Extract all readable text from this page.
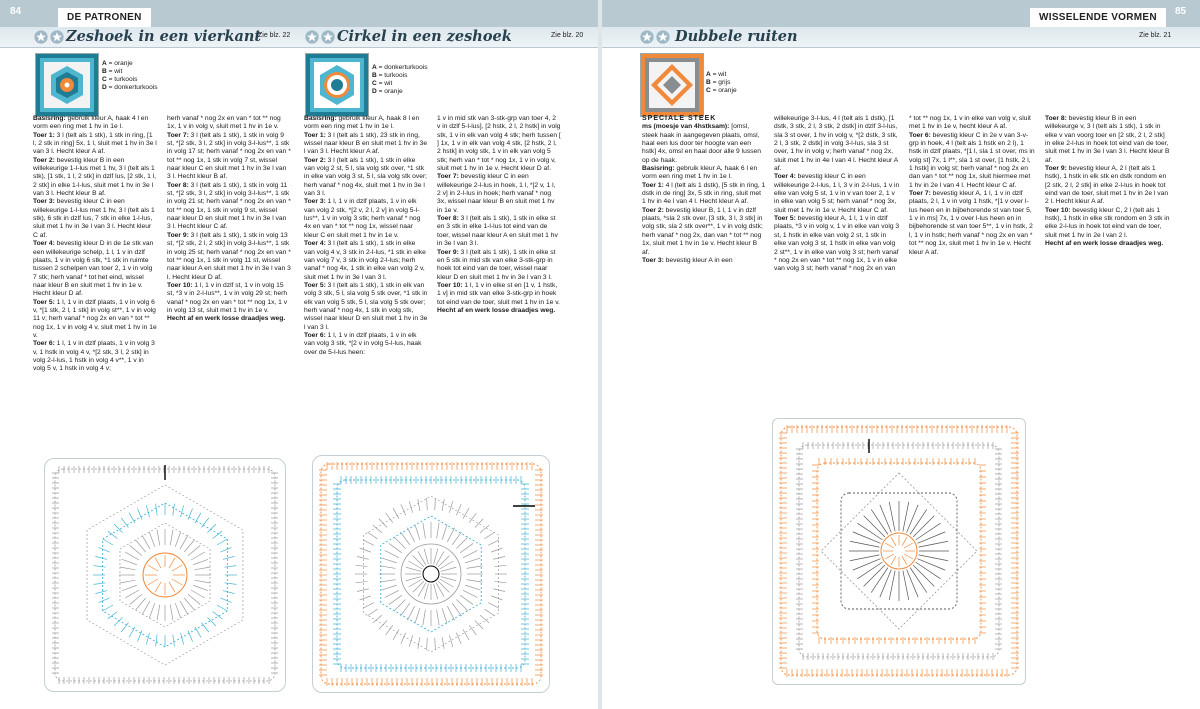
84
DE PATRONEN	WISSELENDE VORMEN
85
Zeshoek in een vierkant
Zie blz. 22	Cirkel in een zeshoek	Zie blz. 20	Dubbele ruiten	Zie blz. 21
A = oranje
B = wit
C = turkoois
D = donkerturkoois
A = donkerturkoois
B = turkoois
C = wit
D = oranje
A = wit
B = grijs
C = oranje

Basisring: gebruik kleur A, haak 4 l en vorm een ring met 1 hv in 1e l.

Toer 1: 3 l (telt als 1 stk), 1 stk in ring, [1 l, 2 stk in ring] 5x, 1 l, sluit met 1 hv in 3e l van 3 l. Hecht kleur A af.

Toer 2: bevestig kleur B in een willekeurige 1-l-lus met 1 hv, 3 l (telt als 1 stk), [1 stk, 1 l, 2 stk] in dzlf lus, [2 stk, 1 l, 2 stk] in elke 1-l-lus, sluit met 1 hv in 3e l van 3 l. Hecht kleur B af.

Toer 3: bevestig kleur C in een willekeurige 1-l-lus met 1 hv, 3 l (telt als 1 stk), 6 stk in dzlf lus, 7 stk in elke 1-l-lus, sluit met 1 hv in 3e l van 3 l. Hecht kleur C af.

Toer 4: bevestig kleur D in de 1e stk van een willekeurige schelp, 1 l, 1 v in dzlf plaats, 1 v in volg 6 stk, *1 stk in ruimte tussen 2 schelpen van toer 2, 1 v in volg 7 stk; herh vanaf * tot het eind, wissel naar kleur B en sluit met 1 hv in 1e v. Hecht kleur D af.

Toer 5: 1 l, 1 v in dzlf plaats, 1 v in volg 6 v, *[1 stk, 2 l, 1 stk] in volg st**, 1 v in volg 11 v; herh vanaf * nog 2x en van * tot ** nog 1x, 1 v in volg 4 v, sluit met 1 hv in 1e v.

Toer 6: 1 l, 1 v in dzlf plaats, 1 v in volg 3 v, 1 hstk in volg 4 v, *[2 stk, 3 l, 2 stk] in volg 2-l-lus, 1 hstk in volg 4 v**, 1 v in volg 5 v, 1 hstk in volg 4 v;

herh vanaf * nog 2x en van * tot ** nog 1x, 1 v in volg v, sluit met 1 hv in 1e v.

Toer 7: 3 l (telt als 1 stk), 1 stk in volg 9 st, *[2 stk, 3 l, 2 stk] in volg 3-l-lus**, 1 stk in volg 17 st; herh vanaf * nog 2x en van * tot ** nog 1x, 1 stk in volg 7 st, wissel naar kleur C en sluit met 1 hv in 3e l van 3 l. Hecht kleur B af.

Toer 8: 3 l (telt als 1 stk), 1 stk in volg 11 st, *[2 stk, 3 l, 2 stk] in volg 3-l-lus**, 1 stk in volg 21 st; herh vanaf * nog 2x en van * tot ** nog 1x, 1 stk in volg 9 st, wissel naar kleur D en sluit met 1 hv in 3e l van 3 l. Hecht kleur C af.

Toer 9: 3 l (telt als 1 stk), 1 stk in volg 13 st, *[2 stk, 2 l, 2 stk] in volg 3-l-lus**, 1 stk in volg 25 st; herh vanaf * nog 2x en van * tot ** nog 1x, 1 stk in volg 11 st, wissel naar kleur A en sluit met 1 hv in 3e l van 3 l. Hecht kleur D af.

Toer 10: 1 l, 1 v in dzlf st, 1 v in volg 15 st, *3 v in 2-l-lus**, 1 v in volg 29 st; herh vanaf * nog 2x en van * tot ** nog 1x, 1 v in volg 13 st, sluit met 1 hv in 1e v.

Hecht af en werk losse draadjes weg.

Basisring: gebruik kleur A, haak 8 l en vorm een ring met 1 hv in 1e l.

Toer 1: 3 l (telt als 1 stk), 23 stk in ring, wissel naar kleur B en sluit met 1 hv in 3e l van 3 l. Hecht kleur A af.

Toer 2: 3 l (telt als 1 stk), 1 stk in elke van volg 2 st, 5 l, sla volg stk over, *1 stk in elke van volg 3 st, 5 l, sla volg stk over; herh vanaf * nog 4x, sluit met 1 hv in 3e l van 3 l.

Toer 3: 1 l, 1 v in dzlf plaats, 1 v in elk van volg 2 stk, *[2 v, 2 l, 2 v] in volg 5-l-lus**, 1 v in volg 3 stk; herh vanaf * nog 4x en van * tot ** nog 1x, wissel naar kleur C en sluit met 1 hv in 1e v.

Toer 4: 3 l (telt als 1 stk), 1 stk in elke van volg 4 v, 3 stk in 2-l-lus, *1 stk in elke van volg 7 v, 3 stk in volg 2-l-lus; herh vanaf * nog 4x, 1 stk in elke van volg 2 v, sluit met 1 hv in 3e l van 3 l.

Toer 5: 3 l (telt als 1 stk), 1 stk in elk van volg 3 stk, 5 l, sla volg 5 stk over, *1 stk in elk van volg 5 stk, 5 l, sla volg 5 stk over; herh vanaf * nog 4x, 1 stk in volg stk, wissel naar kleur D en sluit met 1 hv in 3e l van 3 l.

Toer 6: 1 l, 1 v in dzlf plaats, 1 v in elk van volg 3 stk, *[2 v in volg 5-l-lus, haak over de 5-l-lus heen:

1 v in mid stk van 3-stk-grp van toer 4, 2 v in dzlf 5-l-lus], [2 hstk, 2 l, 2 hstk] in volg stk, 1 v in elk van volg 4 stk; herh tussen [ ] 1x, 1 v in elk van volg 4 stk, [2 hstk, 2 l, 2 hstk] in volg stk, 1 v in elk van volg 5 stk; herh van * tot * nog 1x, 1 v in volg v, sluit met 1 hv in 1e v. Hecht kleur D af.

Toer 7: bevestig kleur C in een willekeurige 2-l-lus in hoek, 1 l, *[2 v, 1 l, 2 v] in 2-l-lus in hoek; herh vanaf * nog 3x, wissel naar kleur B en sluit met 1 hv in 1e v.

Toer 8: 3 l (telt als 1 stk), 1 stk in elke st en 3 stk in elke 1-l-lus tot eind van de toer, wissel naar kleur A en sluit met 1 hv in 3e l van 3 l.

Toer 9: 3 l (telt als 1 stk), 1 stk in elke st en 5 stk in mid stk van elke 3-stk-grp in hoek tot eind van de toer, wissel naar kleur D en sluit met 1 hv in 3e l van 3 l.

Toer 10: 1 l, 1 v in elke st en [1 v, 1 hstk, 1 v] in mid stk van elke 3-stk-grp in hoek tot eind van de toer, sluit met 1 hv in 1e v.

Hecht af en werk losse draadjes weg.

SPECIALE STEEK

ms (moesje van 4hstksam): [omsl, steek haak in aangegeven plaats, omsl, haal een lus door ter hoogte van een hstk] 4x, omsl en haal door alle 9 lussen op de haak.

Basisring: gebruik kleur A, haak 6 l en vorm een ring met 1 hv in 1e l.

Toer 1: 4 l (telt als 1 dstk), [5 stk in ring, 1 dstk in de ring] 3x, 5 stk in ring, sluit met 1 hv in 4e l van 4 l. Hecht kleur A af.

Toer 2: bevestig kleur B, 1 l, 1 v in dzlf plaats, *sla 2 stk over, [3 stk, 3 l, 3 stk] in volg stk, sla 2 stk over**, 1 v in volg dstk; herh vanaf * nog 2x, dan van * tot ** nog 1x, sluit met 1 hv in 1e v. Hecht kleur B af.

Toer 3: bevestig kleur A in een

willekeurige 3-l-lus, 4 l (telt als 1 dstk), [1 dstk, 3 stk, 2 l, 3 stk, 2 dstk] in dzlf 3-l-lus, sla 3 st over, 1 hv in volg v, *[2 dstk, 3 stk, 2 l, 3 stk, 2 dstk] in volg 3-l-lus, sla 3 st over, 1 hv in volg v; herh vanaf * nog 2x, sluit met 1 hv in 4e l van 4 l. Hecht kleur A af.

Toer 4: bevestig kleur C in een willekeurige 2-l-lus, 1 l, 3 v in 2-l-lus, 1 v in elke van volg 5 st, 1 v in v van toer 2, 1 v in elke van volg 5 st; herh vanaf * nog 3x, sluit met 1 hv in 1e v. Hecht kleur C af.

Toer 5: bevestig kleur A, 1 l, 1 v in dzlf plaats, *3 v in volg v, 1 v in elke van volg 3 st, 1 hstk in elke van volg 2 st, 1 stk in elke van volg 3 st, 1 hstk in elke van volg 2 st**, 1 v in elke van volg 3 st; herh vanaf * nog 2x en van * tot ** nog 1x, 1 v in elke van volg 3 st; herh vanaf * nog 2x en van

* tot ** nog 1x, 1 v in elke van volg v, sluit met 1 hv in 1e v, hecht kleur A af.

Toer 6: bevestig kleur C in 2e v van 3-v-grp in hoek, 4 l (telt als 1 hstk en 2 l), 1 hstk in dzlf plaats, *[1 l, sla 1 st over, ms in volg st] 7x, 1 l**, sla 1 st over, [1 hstk, 2 l, 1 hstk] in volg st; herh vanaf * nog 2x en dan van * tot ** nog 1x, sluit hiermee met 1 hv in 2e l van 4 l. Hecht kleur C af.

Toer 7: bevestig kleur A, 1 l, 1 v in dzlf plaats, 2 l, 1 v in volg 1 hstk, *[1 v over l-lus heen en in bijbehorende st van toer 5, 1 v in ms] 7x, 1 v over l-lus heen en in bijbehorende st van toer 5**, 1 v in hstk, 2 l, 1 v in hstk; herh vanaf * nog 2x en van * tot ** nog 1x, sluit met 1 hv in 1e v. Hecht kleur A af.

Toer 8: bevestig kleur B in een willekeurge v, 3 l (telt als 1 stk), 1 stk in elke v van voorg toer en [2 stk, 2 l, 2 stk] in elke 2-l-lus in hoek tot eind van de toer, sluit met 1 hv in 3e l van 3 l. Hecht kleur B af.

Toer 9: bevestig kleur A, 2 l (telt als 1 hstk), 1 hstk in elk stk en dstk rondom en [2 stk, 2 l, 2 stk] in elke 2-l-lus in hoek tot eind van de toer, sluit met 1 hv in 2e l van 2 l. Hecht kleur A af.

Toer 10: bevestig kleur C, 2 l (telt als 1 hstk), 1 hstk in elke stk rondom en 3 stk in elke 2-l-lus in hoek tot eind van de toer, sluit met 1 hv in 2e l van 2 l.

Hecht af en werk losse draadjes weg.
